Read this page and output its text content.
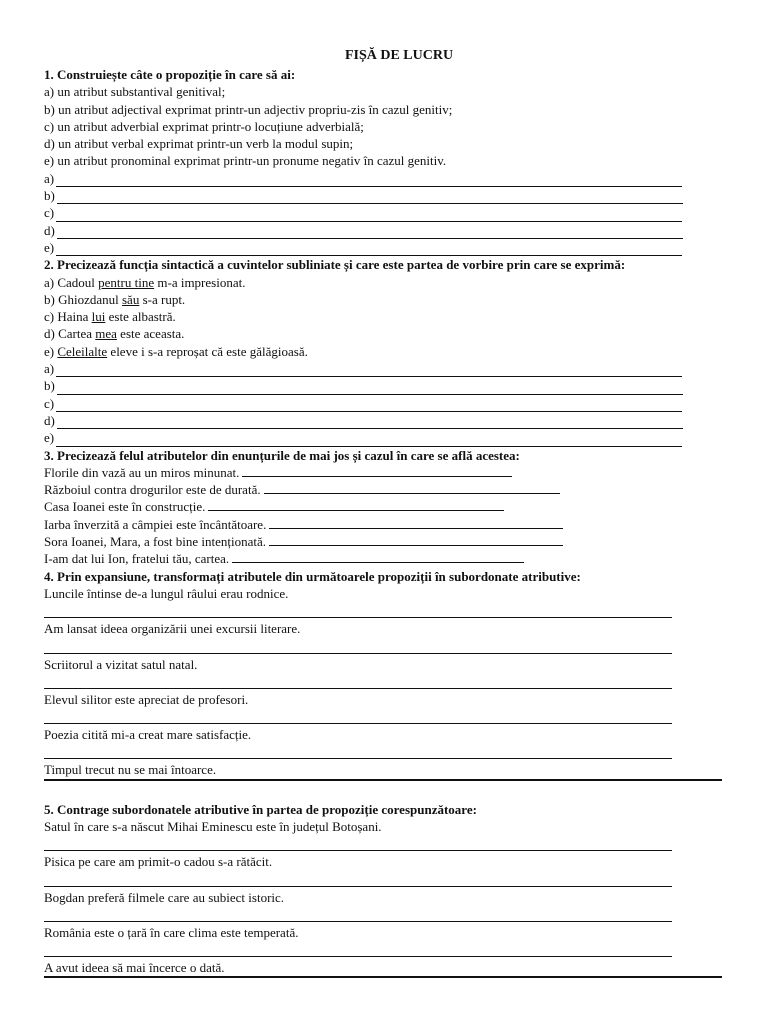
FIȘĂ DE LUCRU
1. Construiește câte o propoziție în care să ai:
a) un atribut substantival genitival;
b) un atribut adjectival exprimat printr-un adjectiv propriu-zis în cazul genitiv;
c) un atribut adverbial exprimat printr-o locuțiune adverbială;
d) un atribut verbal exprimat printr-un verb la modul supin;
e) un atribut pronominal exprimat printr-un pronume negativ în cazul genitiv.
a)
b)
c)
d)
e)
2. Precizează funcția sintactică a cuvintelor subliniate și care este partea de vorbire prin care se exprimă:
a) Cadoul pentru tine m-a impresionat.
b) Ghiozdanul său s-a rupt.
c) Haina lui este albastră.
d) Cartea mea este aceasta.
e) Celeilalte eleve i s-a reproșat că este gălăgioasă.
a)
b)
c)
d)
e)
3. Precizează felul atributelor din enunțurile de mai jos și cazul în care se află acestea:
Florile din vază au un miros minunat.
Războiul contra drogurilor este de durată.
Casa Ioanei este în construcție.
Iarba înverzită a câmpiei este încântătoare.
Sora Ioanei, Mara, a fost bine intenționată.
I-am dat lui Ion, fratelui tău, cartea.
4. Prin expansiune, transformați atributele din următoarele propoziții în subordonate atributive:
Luncile întinse de-a lungul râului erau rodnice.
Am lansat ideea organizării unei excursii literare.
Scriitorul a vizitat satul natal.
Elevul silitor este apreciat de profesori.
Poezia citită mi-a creat mare satisfacție.
Timpul trecut nu se mai întoarce.
5. Contrage subordonatele atributive în partea de propoziție corespunzătoare:
Satul în care s-a născut Mihai Eminescu este în județul Botoșani.
Pisica pe care am primit-o cadou s-a rătăcit.
Bogdan preferă filmele care au subiect istoric.
România este o țară în care clima este temperată.
A avut ideea să mai încerce o dată.
